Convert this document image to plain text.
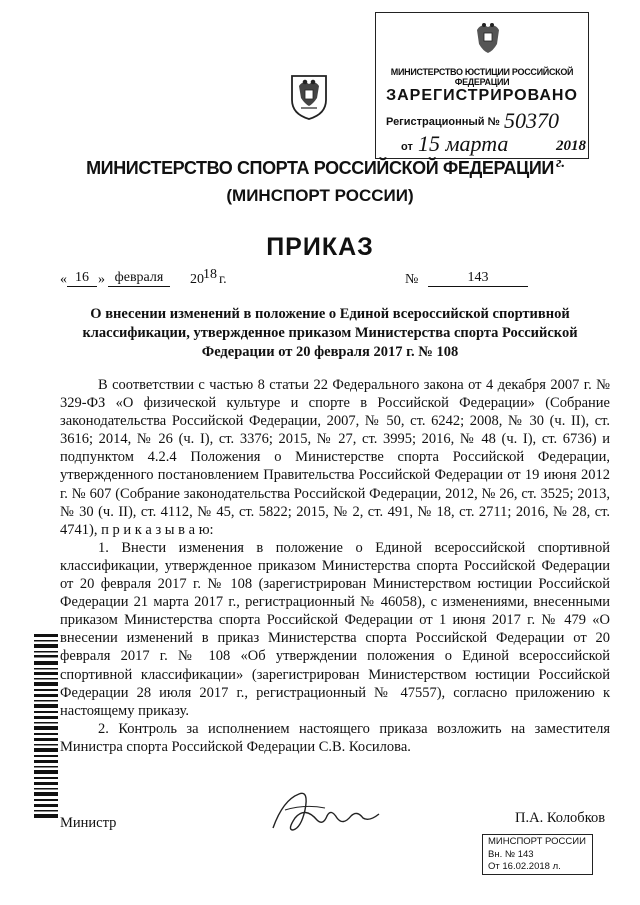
МИНИСТЕРСТВО ЮСТИЦИИ РОССИЙСКОЙ ФЕДЕРАЦИИ
ЗАРЕГИСТРИРОВАНО
Регистрационный № 50370
от 15 марта	2018 г.
МИНИСТЕРСТВО СПОРТА РОССИЙСКОЙ ФЕДЕРАЦИИ
(МИНСПОРТ РОССИИ)
ПРИКАЗ
« 16 » февраля	20 18 г.	№	143
О внесении изменений в положение о Единой всероссийской спортивной классификации, утвержденное приказом Министерства спорта Российской Федерации от 20 февраля 2017 г. № 108

В соответствии с частью 8 статьи 22 Федерального закона от 4 декабря 2007 г. № 329-ФЗ «О физической культуре и спорте в Российской Федерации» (Собрание законодательства Российской Федерации, 2007, № 50, ст. 6242; 2008, № 30 (ч. II), ст. 3616; 2014, № 26 (ч. I), ст. 3376; 2015, № 27, ст. 3995; 2016, № 48 (ч. I), ст. 6736) и подпунктом 4.2.4 Положения о Министерстве спорта Российской Федерации, утвержденного постановлением Правительства Российской Федерации от 19 июня 2012 г. № 607 (Собрание законодательства Российской Федерации, 2012, № 26, ст. 3525; 2013, № 30 (ч. II), ст. 4112, № 45, ст. 5822; 2015, № 2, ст. 491, № 18, ст. 2711; 2016, № 28, ст. 4741), п р и к а з ы в а ю:

1. Внести изменения в положение о Единой всероссийской спортивной классификации, утвержденное приказом Министерства спорта Российской Федерации от 20 февраля 2017 г. № 108 (зарегистрирован Министерством юстиции Российской Федерации 21 марта 2017 г., регистрационный № 46058), с изменениями, внесенными приказом Министерства спорта Российской Федерации от 1 июня 2017 г. № 479 «О внесении изменений в приказ Министерства спорта Российской Федерации от 20 февраля 2017 г. № 108 «Об утверждении положения о Единой всероссийской спортивной классификации» (зарегистрирован Министерством юстиции Российской Федерации 28 июля 2017 г., регистрационный № 47557), согласно приложению к настоящему приказу.

2. Контроль за исполнением настоящего приказа возложить на заместителя Министра спорта Российской Федерации С.В. Косилова.

Министр	П.А. Колобков
МИНСПОРТ РОССИИ
Вн. № 143
От 16.02.2018 л.
